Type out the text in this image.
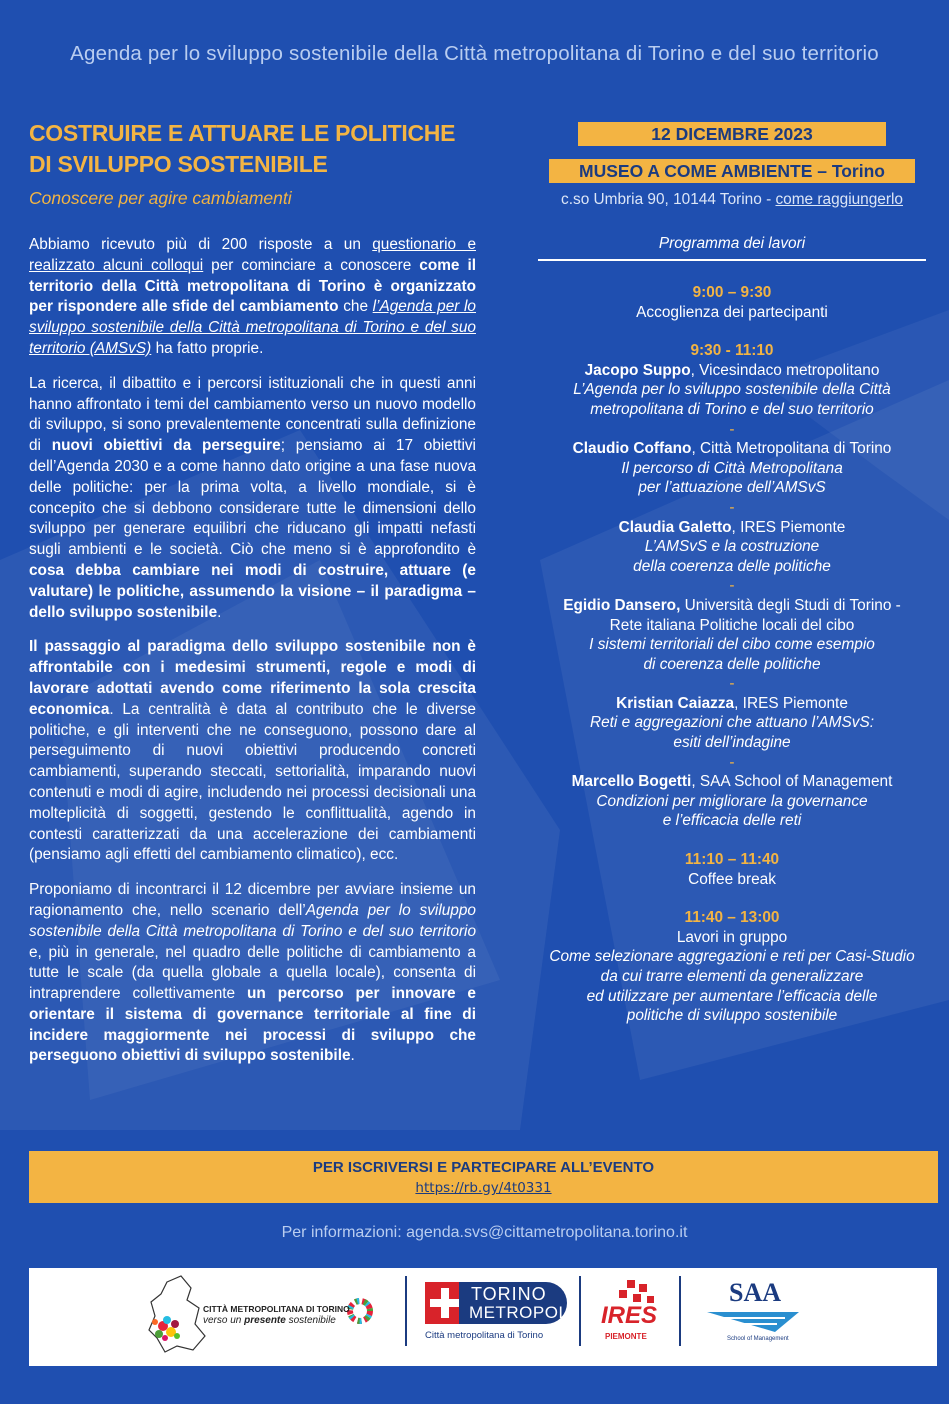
Agenda per lo sviluppo sostenibile della Città metropolitana di Torino e del suo territorio
COSTRUIRE E ATTUARE LE POLITICHE
DI SVILUPPO SOSTENIBILE
Conoscere per agire cambiamenti

Abbiamo ricevuto più di 200 risposte a un questionario e realizzato alcuni colloqui per cominciare a conoscere come il territorio della Città metropolitana di Torino è organizzato per rispondere alle sfide del cambiamento che l’Agenda per lo sviluppo sostenibile della Città metropolitana di Torino e del suo territorio (AMSvS) ha fatto proprie.

La ricerca, il dibattito e i percorsi istituzionali che in questi anni hanno affrontato i temi del cambiamento verso un nuovo modello di sviluppo, si sono prevalentemente concentrati sulla definizione di nuovi obiettivi da perseguire; pensiamo ai 17 obiettivi dell’Agenda 2030 e a come hanno dato origine a una fase nuova delle politiche: per la prima volta, a livello mondiale, si è concepito che si debbono considerare tutte le dimensioni dello sviluppo per generare equilibri che riducano gli impatti nefasti sugli ambienti e le società. Ciò che meno si è approfondito è cosa debba cambiare nei modi di costruire, attuare (e valutare) le politiche, assumendo la visione – il paradigma – dello sviluppo sostenibile.

Il passaggio al paradigma dello sviluppo sostenibile non è affrontabile con i medesimi strumenti, regole e modi di lavorare adottati avendo come riferimento la sola crescita economica. La centralità è data al contributo che le diverse politiche, e gli interventi che ne conseguono, possono dare al perseguimento di nuovi obiettivi producendo concreti cambiamenti, superando steccati, settorialità, imparando nuovi contenuti e modi di agire, includendo nei processi decisionali una molteplicità di soggetti, gestendo le conflittualità, agendo in contesti caratterizzati da una accelerazione dei cambiamenti (pensiamo agli effetti del cambiamento climatico), ecc.

Proponiamo di incontrarci il 12 dicembre per avviare insieme un ragionamento che, nello scenario dell’Agenda per lo sviluppo sostenibile della Città metropolitana di Torino e del suo territorio e, più in generale, nel quadro delle politiche di cambiamento a tutte le scale (da quella globale a quella locale), consenta di intraprendere collettivamente un percorso per innovare e orientare il sistema di governance territoriale al fine di incidere maggiormente nei processi di sviluppo che perseguono obiettivi di sviluppo sostenibile.

12 DICEMBRE 2023
MUSEO A COME AMBIENTE – Torino
c.so Umbria 90, 10144 Torino - come raggiungerlo
Programma dei lavori
9:00 – 9:30
Accoglienza dei partecipanti
9:30 - 11:10
Jacopo Suppo, Vicesindaco metropolitano
L’Agenda per lo sviluppo sostenibile della Città
metropolitana di Torino e del suo territorio
-
Claudio Coffano, Città Metropolitana di Torino
Il percorso di Città Metropolitana
per l’attuazione dell’AMSvS
-
Claudia Galetto, IRES Piemonte
L’AMSvS e la costruzione
della coerenza delle politiche
-
Egidio Dansero, Università degli Studi di Torino -
Rete italiana Politiche locali del cibo
I sistemi territoriali del cibo come esempio
di coerenza delle politiche
-
Kristian Caiazza, IRES Piemonte
Reti e aggregazioni che attuano l’AMSvS:
esiti dell’indagine
-
Marcello Bogetti, SAA School of Management
Condizioni per migliorare la governance
e l’efficacia delle reti
11:10 – 11:40
Coffee break
11:40 – 13:00
Lavori in gruppo
Come selezionare aggregazioni e reti per Casi-Studio
da cui trarre elementi da generalizzare
ed utilizzare per aumentare l’efficacia delle
politiche di sviluppo sostenibile
PER ISCRIVERSI E PARTECIPARE ALL’EVENTO
https://rb.gy/4t0331
Per informazioni: agenda.svs@cittametropolitana.torino.it
CITTÀ METROPOLITANA DI TORINO
verso un presente sostenibile
TORINO
METROPOLI
Città metropolitana di Torino
IRES
PIEMONTE
SAA
School of Management
